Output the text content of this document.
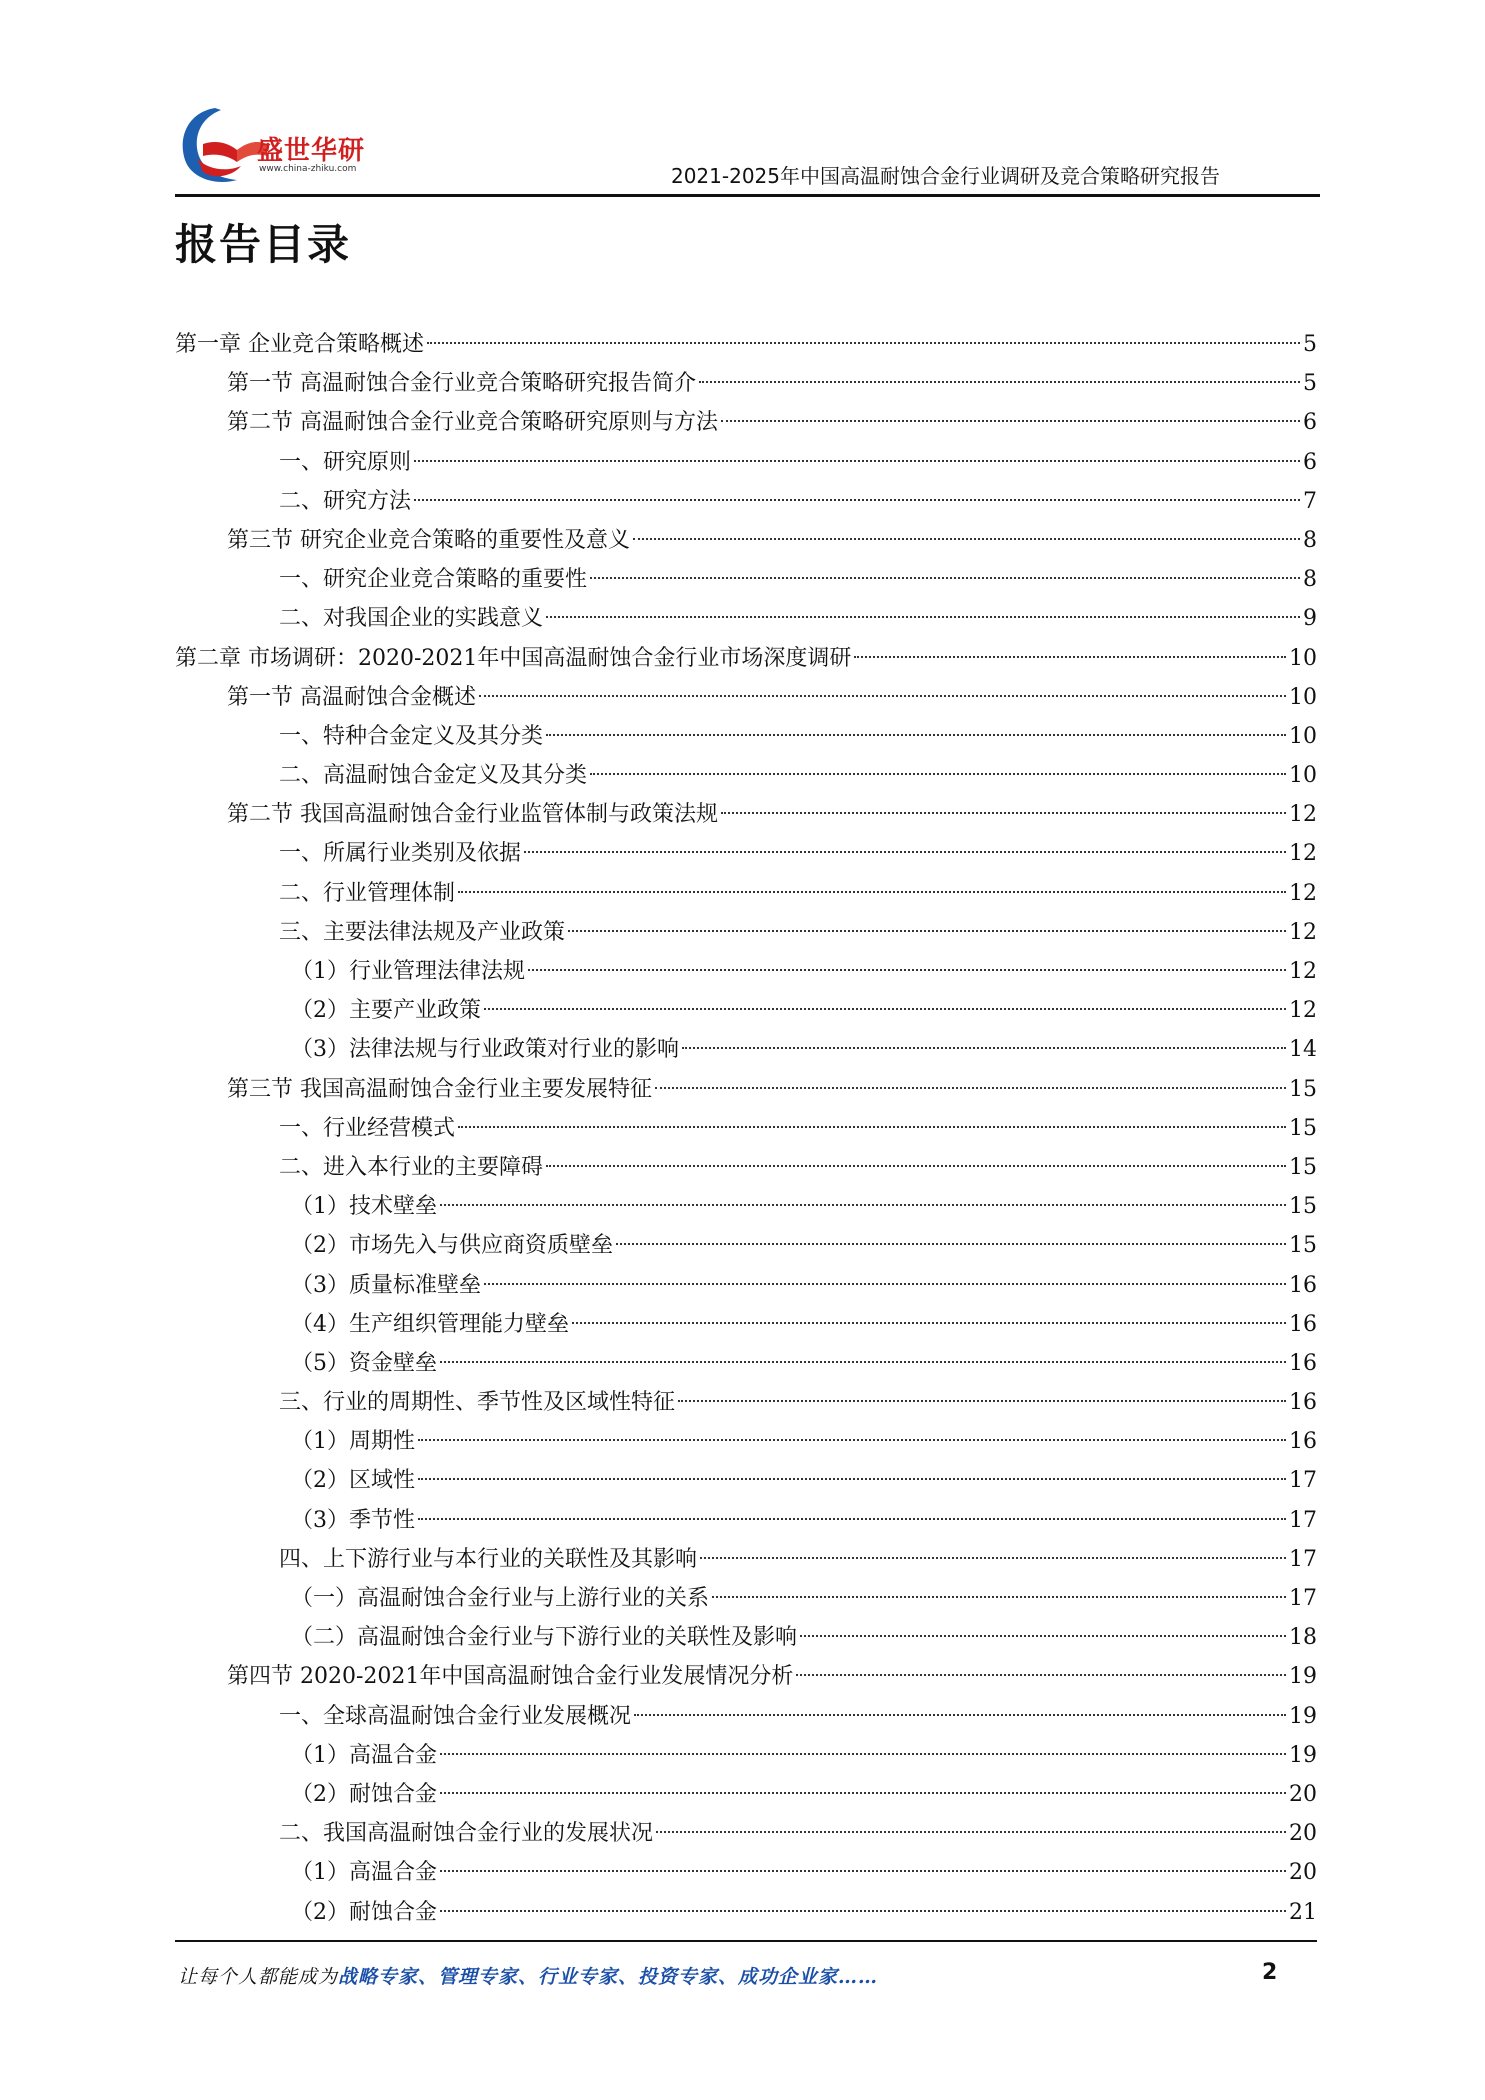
盛世华研
www.china-zhiku.com	2021-2025年中国高温耐蚀合金行业调研及竞合策略研究报告
报告目录
第一章 企业竞合策略概述	5
第一节 高温耐蚀合金行业竞合策略研究报告简介	5
第二节 高温耐蚀合金行业竞合策略研究原则与方法	6
一、研究原则	6
二、研究方法	7
第三节 研究企业竞合策略的重要性及意义	8
一、研究企业竞合策略的重要性	8
二、对我国企业的实践意义	9
第二章 市场调研：2020-2021年中国高温耐蚀合金行业市场深度调研	10
第一节 高温耐蚀合金概述	10
一、特种合金定义及其分类	10
二、高温耐蚀合金定义及其分类	10
第二节 我国高温耐蚀合金行业监管体制与政策法规	12
一、所属行业类别及依据	12
二、行业管理体制	12
三、主要法律法规及产业政策	12
（1）行业管理法律法规	12
（2）主要产业政策	12
（3）法律法规与行业政策对行业的影响	14
第三节 我国高温耐蚀合金行业主要发展特征	15
一、行业经营模式	15
二、进入本行业的主要障碍	15
（1）技术壁垒	15
（2）市场先入与供应商资质壁垒	15
（3）质量标准壁垒	16
（4）生产组织管理能力壁垒	16
（5）资金壁垒	16
三、行业的周期性、季节性及区域性特征	16
（1）周期性	16
（2）区域性	17
（3）季节性	17
四、上下游行业与本行业的关联性及其影响	17
（一）高温耐蚀合金行业与上游行业的关系	17
（二）高温耐蚀合金行业与下游行业的关联性及影响	18
第四节 2020-2021年中国高温耐蚀合金行业发展情况分析	19
一、全球高温耐蚀合金行业发展概况	19
（1）高温合金	19
（2）耐蚀合金	20
二、我国高温耐蚀合金行业的发展状况	20
（1）高温合金	20
（2）耐蚀合金	21
让每个人都能成为战略专家、管理专家、行业专家、投资专家、成功企业家……	2
